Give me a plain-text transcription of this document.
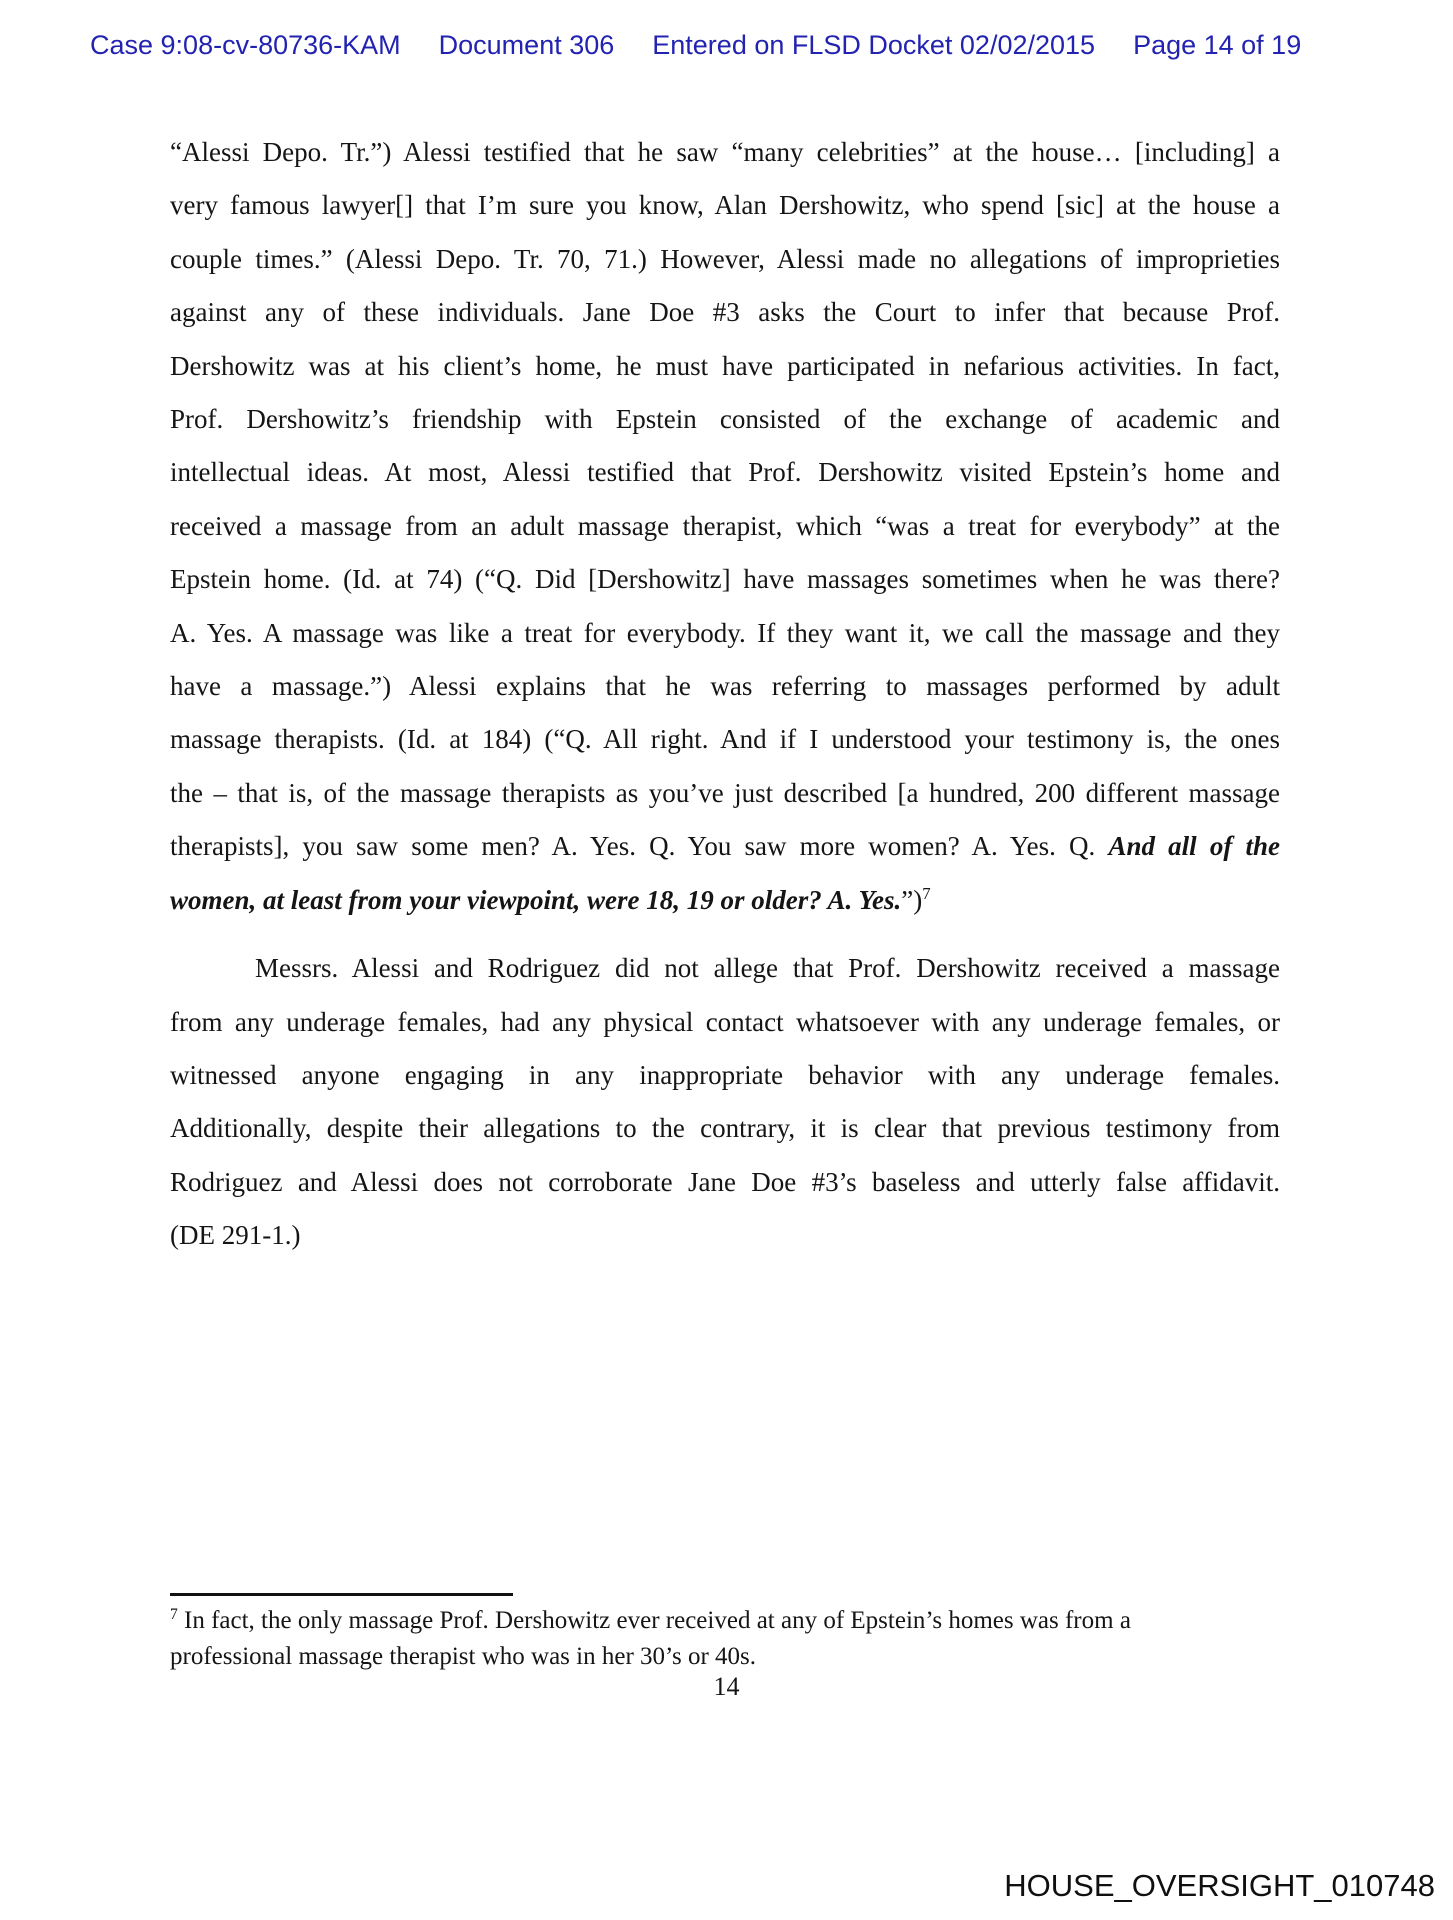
Case 9:08-cv-80736-KAM Document 306 Entered on FLSD Docket 02/02/2015 Page 14 of 19
“Alessi Depo. Tr.”) Alessi testified that he saw “many celebrities” at the house… [including] a
very famous lawyer[] that I’m sure you know, Alan Dershowitz, who spend [sic] at the house a
couple times.” (Alessi Depo. Tr. 70, 71.) However, Alessi made no allegations of improprieties
against any of these individuals. Jane Doe #3 asks the Court to infer that because Prof.
Dershowitz was at his client’s home, he must have participated in nefarious activities. In fact,
Prof. Dershowitz’s friendship with Epstein consisted of the exchange of academic and
intellectual ideas. At most, Alessi testified that Prof. Dershowitz visited Epstein’s home and
received a massage from an adult massage therapist, which “was a treat for everybody” at the
Epstein home. (Id. at 74) (“Q. Did [Dershowitz] have massages sometimes when he was there?
A. Yes. A massage was like a treat for everybody. If they want it, we call the massage and they
have a massage.”) Alessi explains that he was referring to massages performed by adult
massage therapists. (Id. at 184) (“Q. All right. And if I understood your testimony is, the ones
the – that is, of the massage therapists as you’ve just described [a hundred, 200 different massage
therapists], you saw some men? A. Yes. Q. You saw more women? A. Yes. Q. And all of the
women, at least from your viewpoint, were 18, 19 or older? A. Yes.”)$^7$
Messrs. Alessi and Rodriguez did not allege that Prof. Dershowitz received a massage
from any underage females, had any physical contact whatsoever with any underage females, or
witnessed anyone engaging in any inappropriate behavior with any underage females.
Additionally, despite their allegations to the contrary, it is clear that previous testimony from
Rodriguez and Alessi does not corroborate Jane Doe #3’s baseless and utterly false affidavit.
(DE 291-1.)
$^7$ In fact, the only massage Prof. Dershowitz ever received at any of Epstein’s homes was from a
professional massage therapist who was in her 30’s or 40s.
14
HOUSE_OVERSIGHT_010748
